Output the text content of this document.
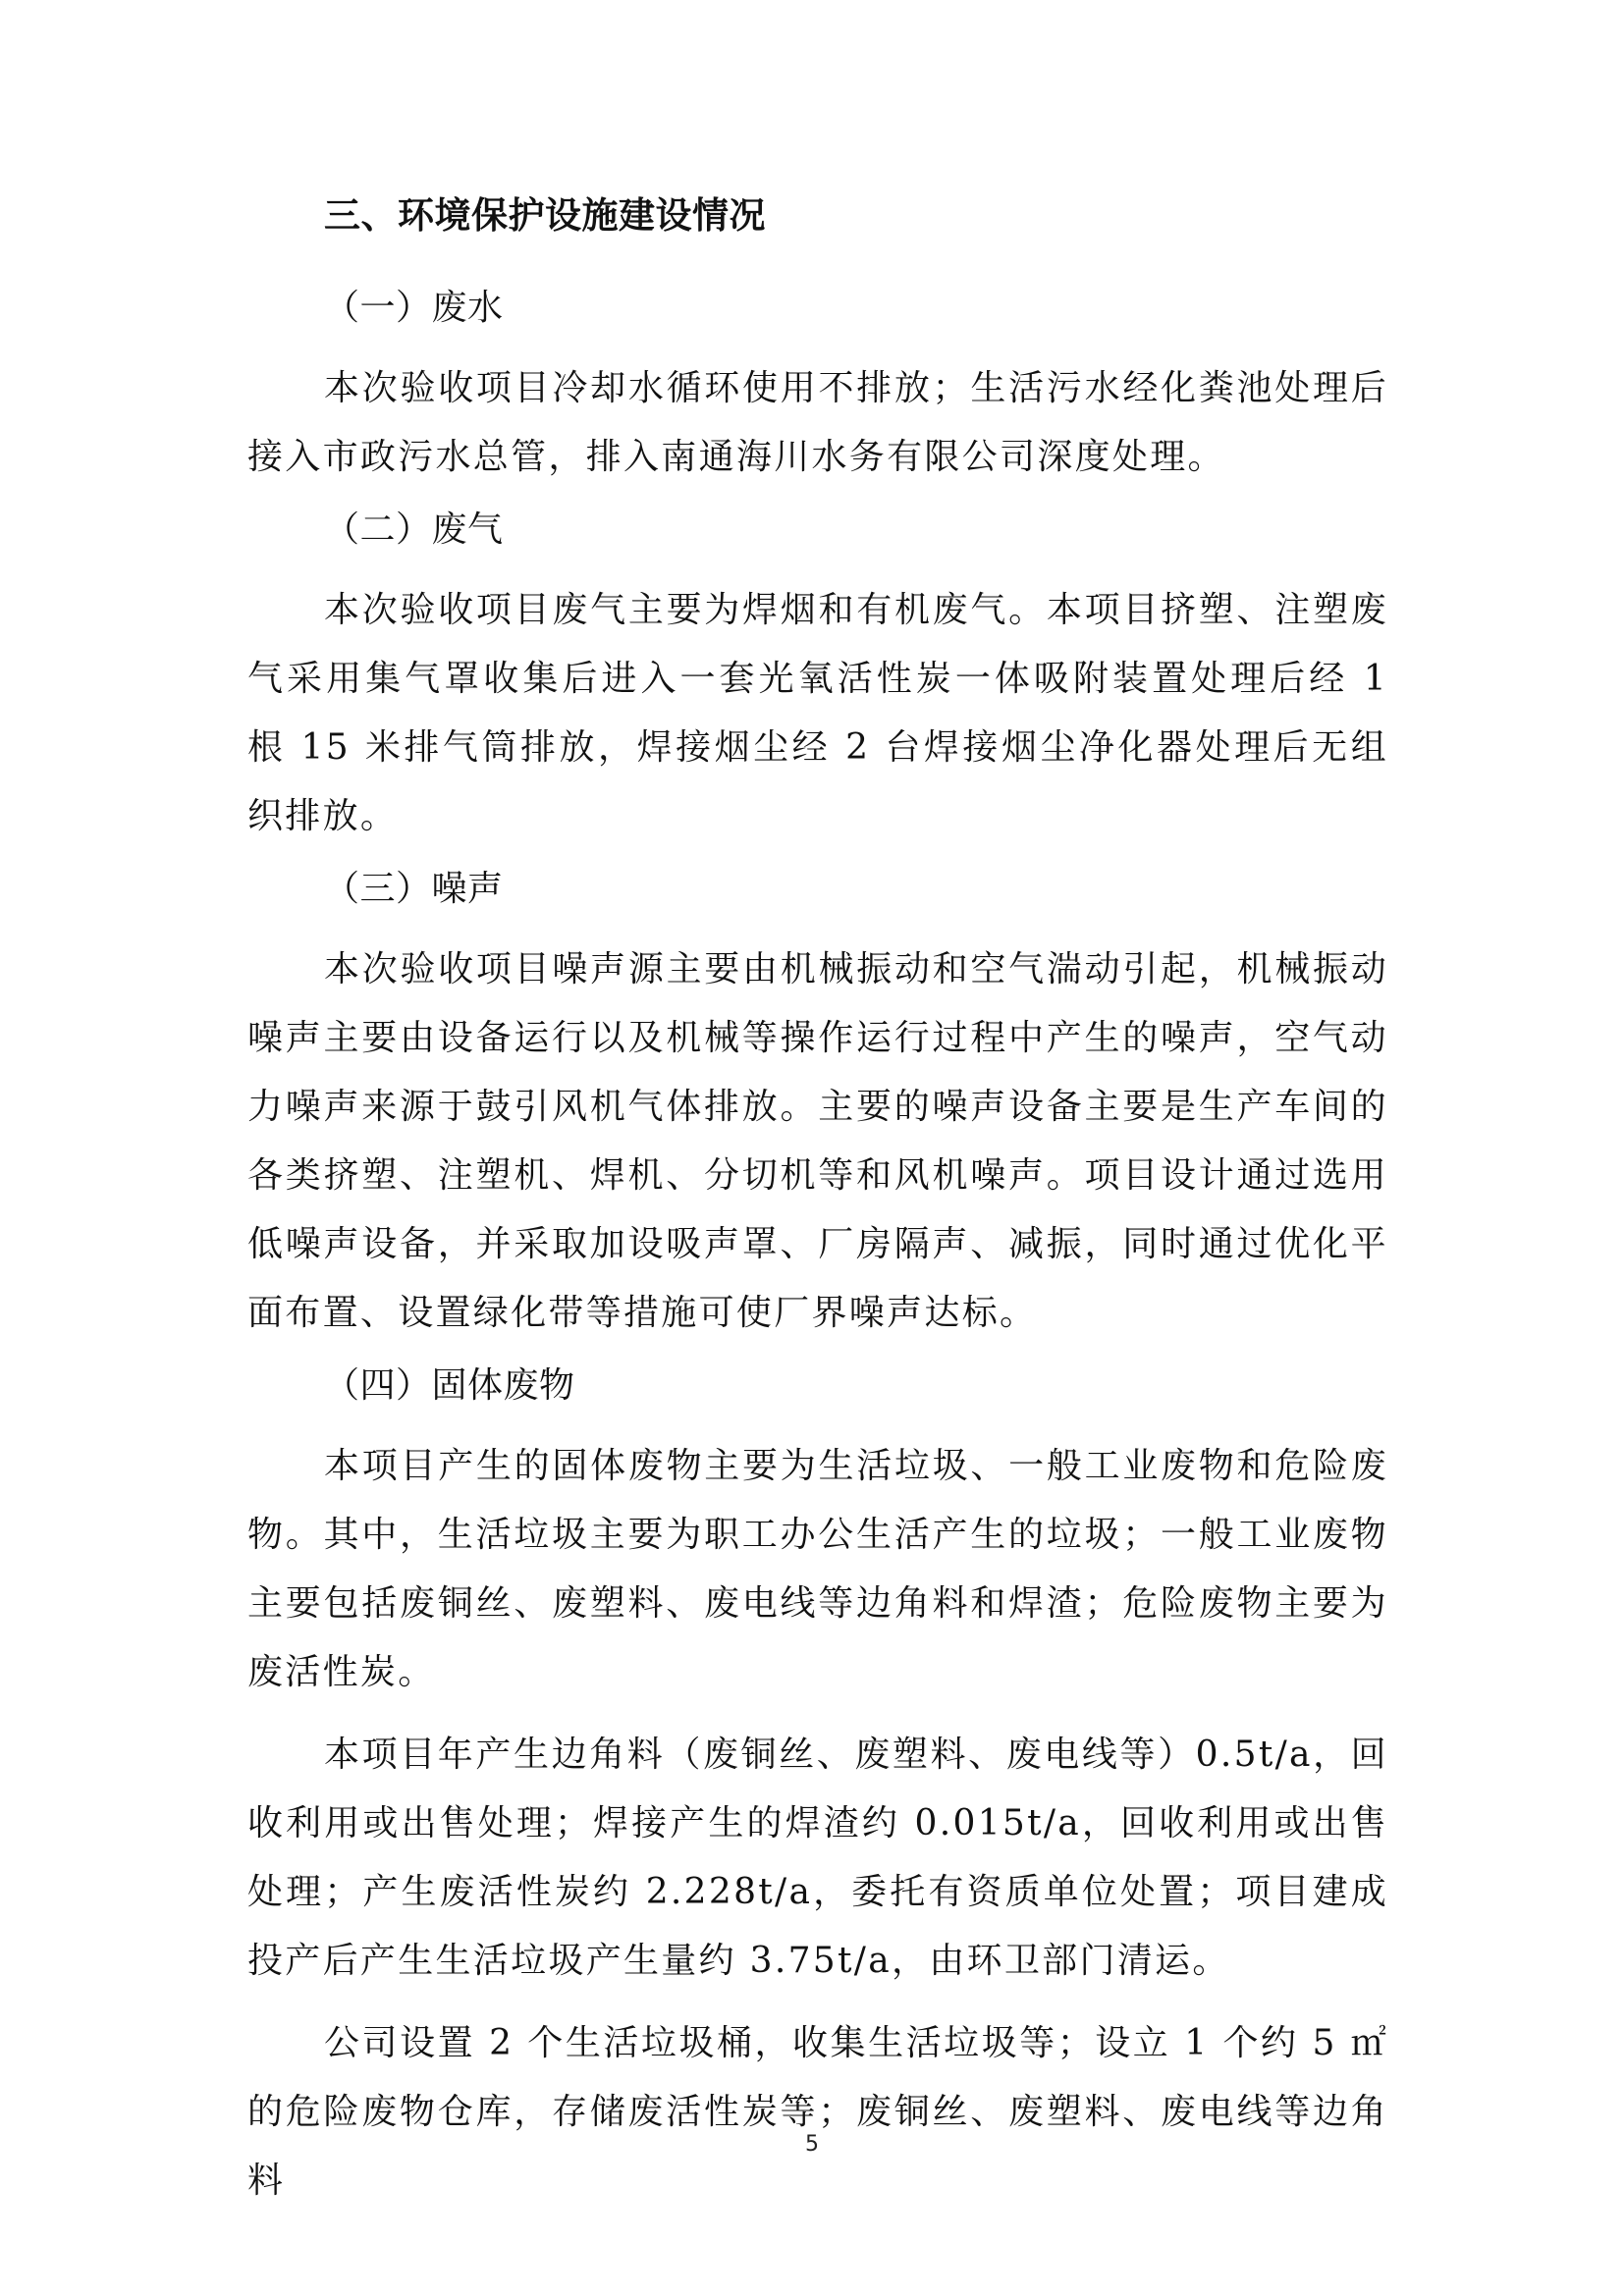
三、环境保护设施建设情况
（一）废水

本次验收项目冷却水循环使用不排放；生活污水经化粪池处理后接入市政污水总管，排入南通海川水务有限公司深度处理。

（二）废气

本次验收项目废气主要为焊烟和有机废气。本项目挤塑、注塑废气采用集气罩收集后进入一套光氧活性炭一体吸附装置处理后经 1 根 15 米排气筒排放，焊接烟尘经 2 台焊接烟尘净化器处理后无组织排放。

（三）噪声

本次验收项目噪声源主要由机械振动和空气湍动引起，机械振动噪声主要由设备运行以及机械等操作运行过程中产生的噪声，空气动力噪声来源于鼓引风机气体排放。主要的噪声设备主要是生产车间的各类挤塑、注塑机、焊机、分切机等和风机噪声。项目设计通过选用低噪声设备，并采取加设吸声罩、厂房隔声、减振，同时通过优化平面布置、设置绿化带等措施可使厂界噪声达标。

（四）固体废物

本项目产生的固体废物主要为生活垃圾、一般工业废物和危险废物。其中，生活垃圾主要为职工办公生活产生的垃圾；一般工业废物主要包括废铜丝、废塑料、废电线等边角料和焊渣；危险废物主要为废活性炭。

本项目年产生边角料（废铜丝、废塑料、废电线等）0.5t/a，回收利用或出售处理；焊接产生的焊渣约 0.015t/a，回收利用或出售处理；产生废活性炭约 2.228t/a，委托有资质单位处置；项目建成投产后产生生活垃圾产生量约 3.75t/a，由环卫部门清运。

公司设置 2 个生活垃圾桶，收集生活垃圾等；设立 1 个约 5 ㎡的危险废物仓库，存储废活性炭等；废铜丝、废塑料、废电线等边角料

5
